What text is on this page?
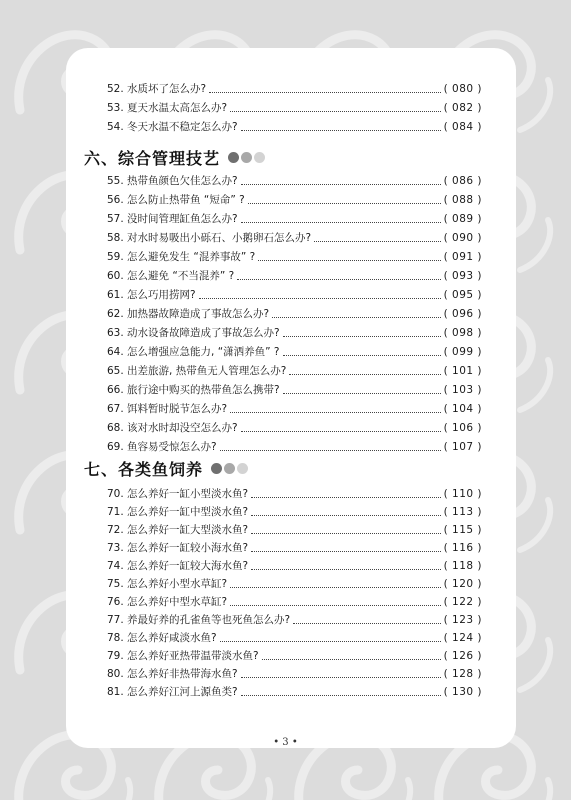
52. 水质坏了怎么办?	( 080 )
53. 夏天水温太高怎么办?	( 082 )
54. 冬天水温不稳定怎么办?	( 084 )
六、综合管理技艺
55. 热带鱼颜色欠佳怎么办?	( 086 )
56. 怎么防止热带鱼 “短命” ?	( 088 )
57. 没时间管理缸鱼怎么办?	( 089 )
58. 对水时易吸出小砾石、小鹅卵石怎么办?	( 090 )
59. 怎么避免发生 “混养事故” ?	( 091 )
60. 怎么避免 “不当混养” ?	( 093 )
61. 怎么巧用捞网?	( 095 )
62. 加热器故障造成了事故怎么办?	( 096 )
63. 动水设备故障造成了事故怎么办?	( 098 )
64. 怎么增强应急能力, “潇洒养鱼” ?	( 099 )
65. 出差旅游, 热带鱼无人管理怎么办?	( 101 )
66. 旅行途中购买的热带鱼怎么携带?	( 103 )
67. 饵料暂时脱节怎么办?	( 104 )
68. 该对水时却没空怎么办?	( 106 )
69. 鱼容易受惊怎么办?	( 107 )
七、各类鱼饲养
70. 怎么养好一缸小型淡水鱼?	( 110 )
71. 怎么养好一缸中型淡水鱼?	( 113 )
72. 怎么养好一缸大型淡水鱼?	( 115 )
73. 怎么养好一缸较小海水鱼?	( 116 )
74. 怎么养好一缸较大海水鱼?	( 118 )
75. 怎么养好小型水草缸?	( 120 )
76. 怎么养好中型水草缸?	( 122 )
77. 养最好养的孔雀鱼等也死鱼怎么办?	( 123 )
78. 怎么养好咸淡水鱼?	( 124 )
79. 怎么养好亚热带温带淡水鱼?	( 126 )
80. 怎么养好非热带海水鱼?	( 128 )
81. 怎么养好江河上源鱼类?	( 130 )
• 3 •
